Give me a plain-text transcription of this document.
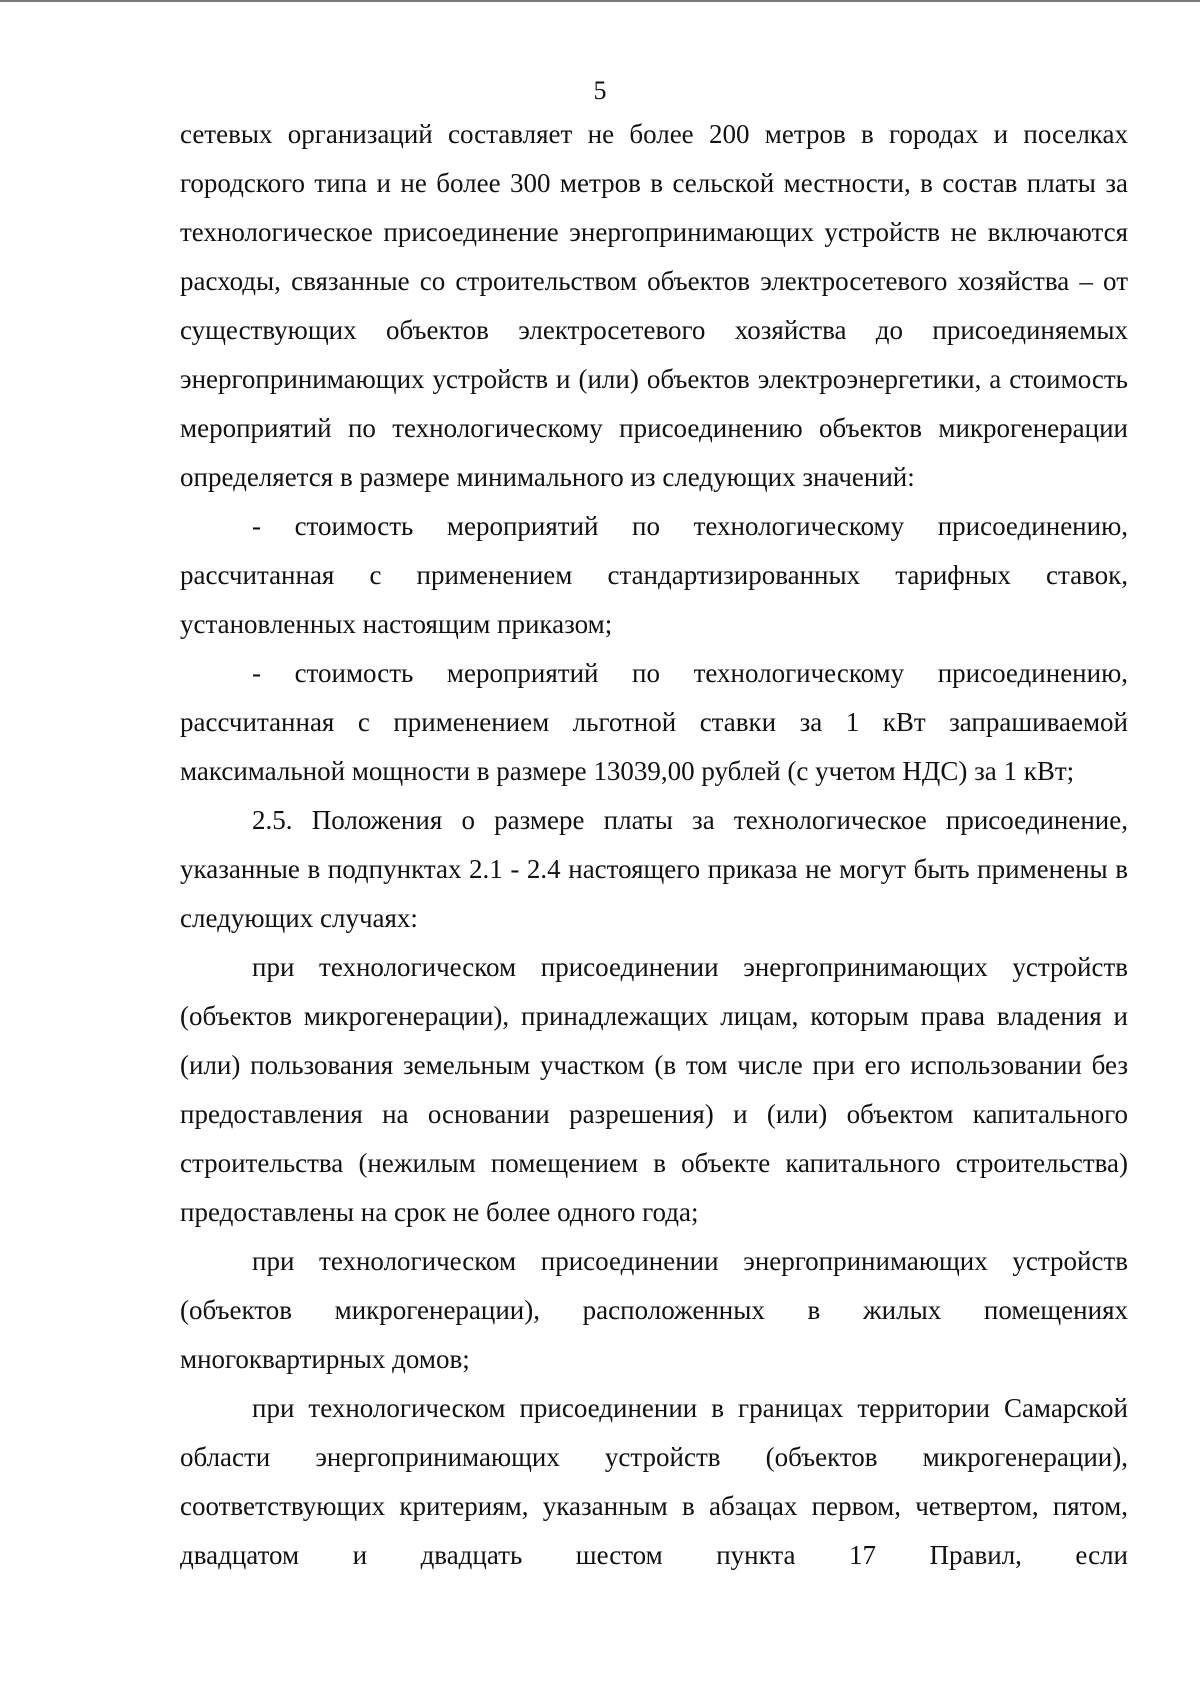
5

сетевых организаций составляет не более 200 метров в городах и поселках городского типа и не более 300 метров в сельской местности, в состав платы за технологическое присоединение энергопринимающих устройств не включаются расходы, связанные со строительством объектов электросетевого хозяйства – от существующих объектов электросетевого хозяйства до присоединяемых энергопринимающих устройств и (или) объектов электроэнергетики, а стоимость мероприятий по технологическому присоединению объектов микрогенерации определяется в размере минимального из следующих значений:

- стоимость мероприятий по технологическому присоединению, рассчитанная с применением стандартизированных тарифных ставок, установленных настоящим приказом;

- стоимость мероприятий по технологическому присоединению, рассчитанная с применением льготной ставки за 1 кВт запрашиваемой максимальной мощности в размере 13039,00 рублей (с учетом НДС) за 1 кВт;

2.5. Положения о размере платы за технологическое присоединение, указанные в подпунктах 2.1 - 2.4 настоящего приказа не могут быть применены в следующих случаях:

при технологическом присоединении энергопринимающих устройств (объектов микрогенерации), принадлежащих лицам, которым права владения и (или) пользования земельным участком (в том числе при его использовании без предоставления на основании разрешения) и (или) объектом капитального строительства (нежилым помещением в объекте капитального строительства) предоставлены на срок не более одного года;

при технологическом присоединении энергопринимающих устройств (объектов микрогенерации), расположенных в жилых помещениях многоквартирных домов;

при технологическом присоединении в границах территории Самарской области энергопринимающих устройств (объектов микрогенерации), соответствующих критериям, указанным в абзацах первом, четвертом, пятом, двадцатом и двадцать шестом пункта 17 Правил, если
